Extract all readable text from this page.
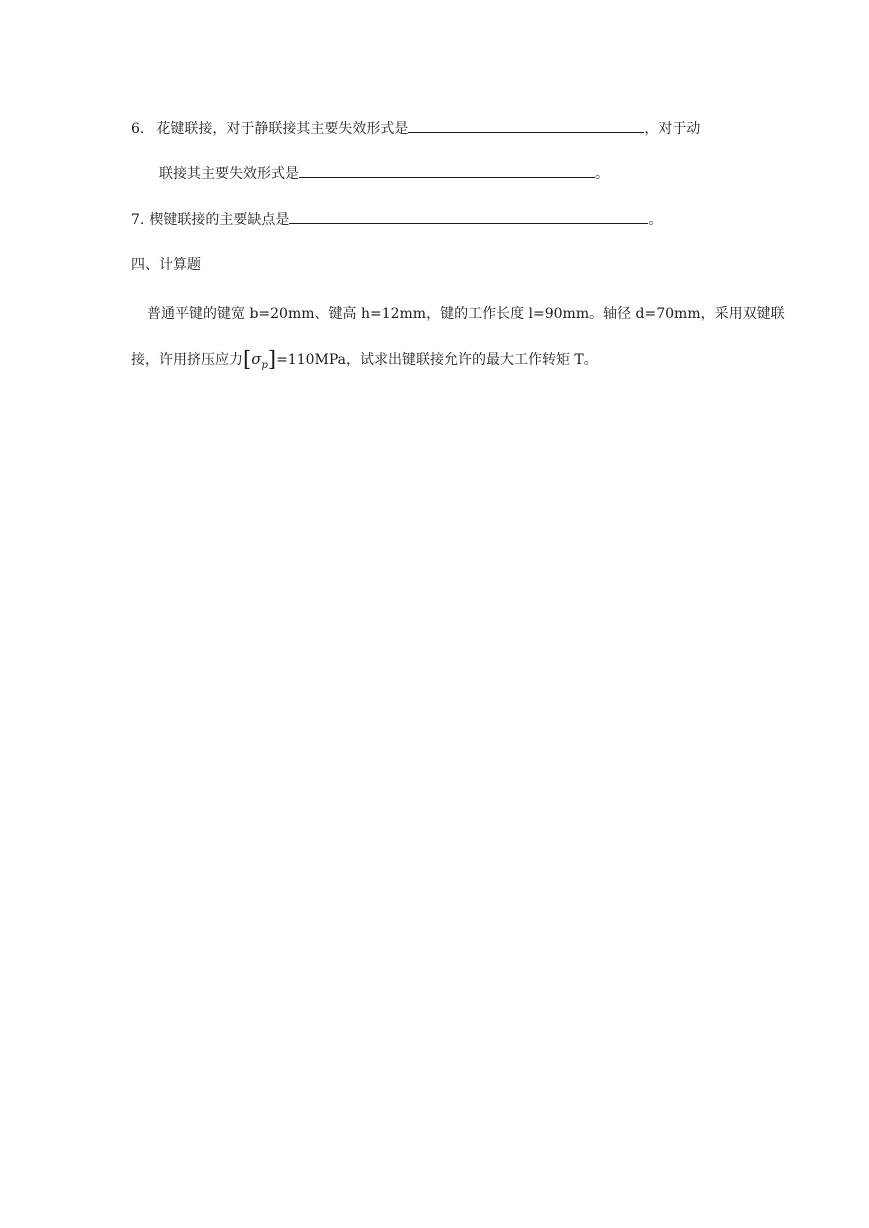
6. 花键联接，对于静联接其主要失效形式是	，对于动
联接其主要失效形式是	。
7. 楔键联接的主要缺点是	。
四、计算题
普通平键的键宽 b=20mm、键高 h=12mm，键的工作长度 l=90mm。轴径 d=70mm，采用双键联
接，许用挤压应力$[\sigma_p]=110MPa$，试求出键联接允许的最大工作转矩 T。
